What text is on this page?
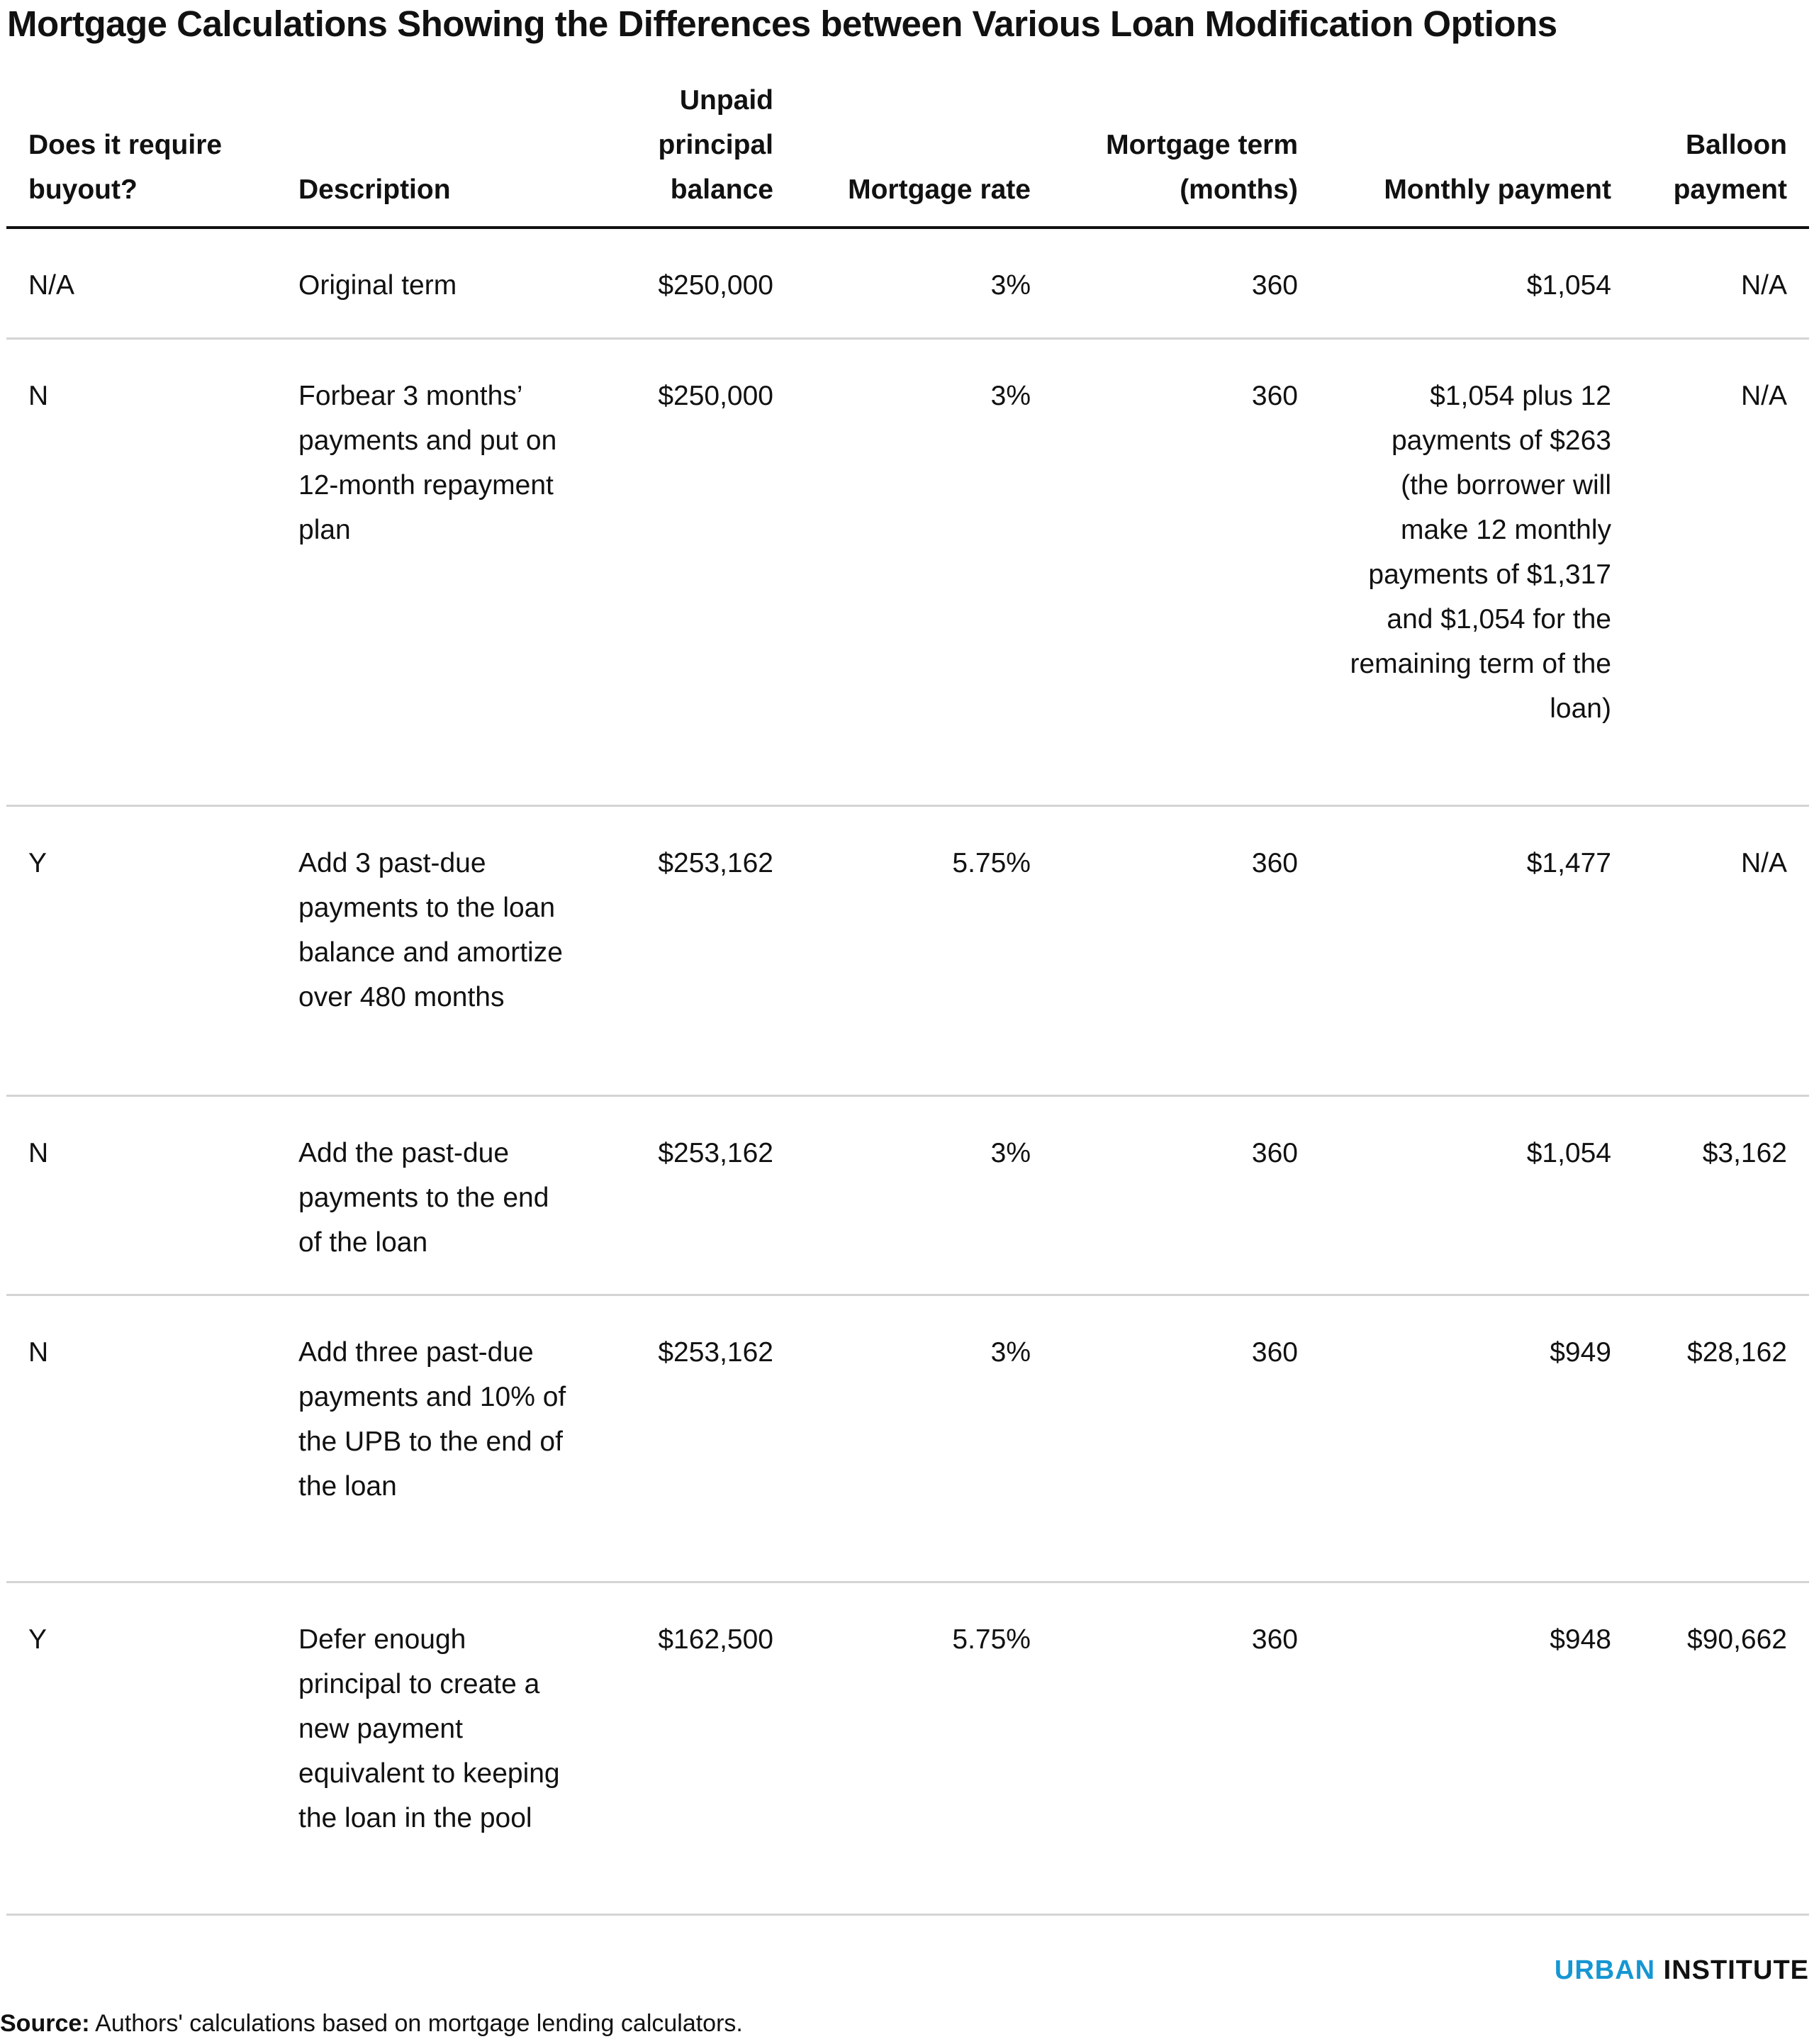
Mortgage Calculations Showing the Differences between Various Loan Modification Options
Does it require buyout?	Description	Unpaid principal balance	Mortgage rate	Mortgage term (months)	Monthly payment	Balloon payment
N/A	Original term	$250,000	3%	360	$1,054	N/A
N	Forbear 3 months’ payments and put on 12-month repayment plan	$250,000	3%	360	$1,054 plus 12 payments of $263 (the borrower will make 12 monthly payments of $1,317 and $1,054 for the remaining term of the loan)	N/A
Y	Add 3 past-due payments to the loan balance and amortize over 480 months	$253,162	5.75%	360	$1,477	N/A
N	Add the past-due payments to the end of the loan	$253,162	3%	360	$1,054	$3,162
N	Add three past-due payments and 10% of the UPB to the end of the loan	$253,162	3%	360	$949	$28,162
Y	Defer enough principal to create a new payment equivalent to keeping the loan in the pool	$162,500	5.75%	360	$948	$90,662
URBAN INSTITUTE
Source: Authors' calculations based on mortgage lending calculators.
